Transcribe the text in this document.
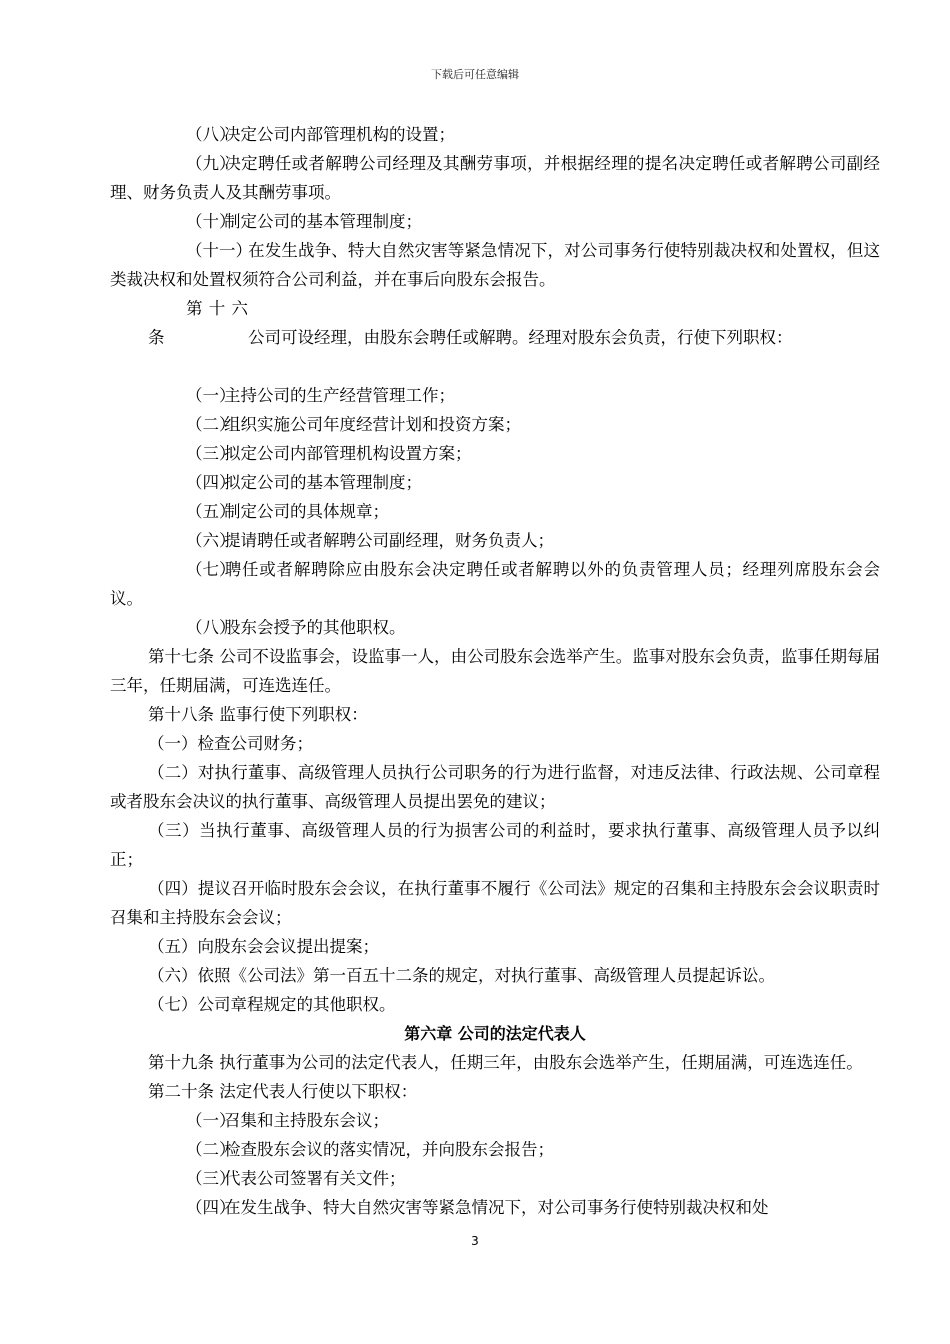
下载后可任意编辑

（八）决定公司内部管理机构的设置；

（九）决定聘任或者解聘公司经理及其酬劳事项，并根据经理的提名决定聘任或者解聘公司副经理、财务负责人及其酬劳事项。

（十）制定公司的基本管理制度；

（十一）在发生战争、特大自然灾害等紧急情况下，对公司事务行使特别裁决权和处置权，但这类裁决权和处置权须符合公司利益，并在事后向股东会报告。

第十六条	公司可设经理，由股东会聘任或解聘。经理对股东会负责，行使下列职权：

（一）主持公司的生产经营管理工作；

（二）组织实施公司年度经营计划和投资方案；

（三）拟定公司内部管理机构设置方案；

（四）拟定公司的基本管理制度；

（五）制定公司的具体规章；

（六）提请聘任或者解聘公司副经理，财务负责人；

（七）聘任或者解聘除应由股东会决定聘任或者解聘以外的负责管理人员；经理列席股东会会议。

（八）股东会授予的其他职权。

第十七条 公司不设监事会，设监事一人，由公司股东会选举产生。监事对股东会负责，监事任期每届三年，任期届满，可连选连任。

第十八条 监事行使下列职权：

（一）检查公司财务；

（二）对执行董事、高级管理人员执行公司职务的行为进行监督，对违反法律、行政法规、公司章程或者股东会决议的执行董事、高级管理人员提出罢免的建议；

（三）当执行董事、高级管理人员的行为损害公司的利益时，要求执行董事、高级管理人员予以纠正；

（四）提议召开临时股东会会议，在执行董事不履行《公司法》规定的召集和主持股东会会议职责时召集和主持股东会会议；

（五）向股东会会议提出提案；

（六）依照《公司法》第一百五十二条的规定，对执行董事、高级管理人员提起诉讼。

（七）公司章程规定的其他职权。

第六章 公司的法定代表人

第十九条 执行董事为公司的法定代表人，任期三年，由股东会选举产生，任期届满，可连选连任。

第二十条 法定代表人行使以下职权：

（一）召集和主持股东会议；

（二）检查股东会议的落实情况，并向股东会报告；

（三）代表公司签署有关文件；

（四）在发生战争、特大自然灾害等紧急情况下，对公司事务行使特别裁决权和处

3
